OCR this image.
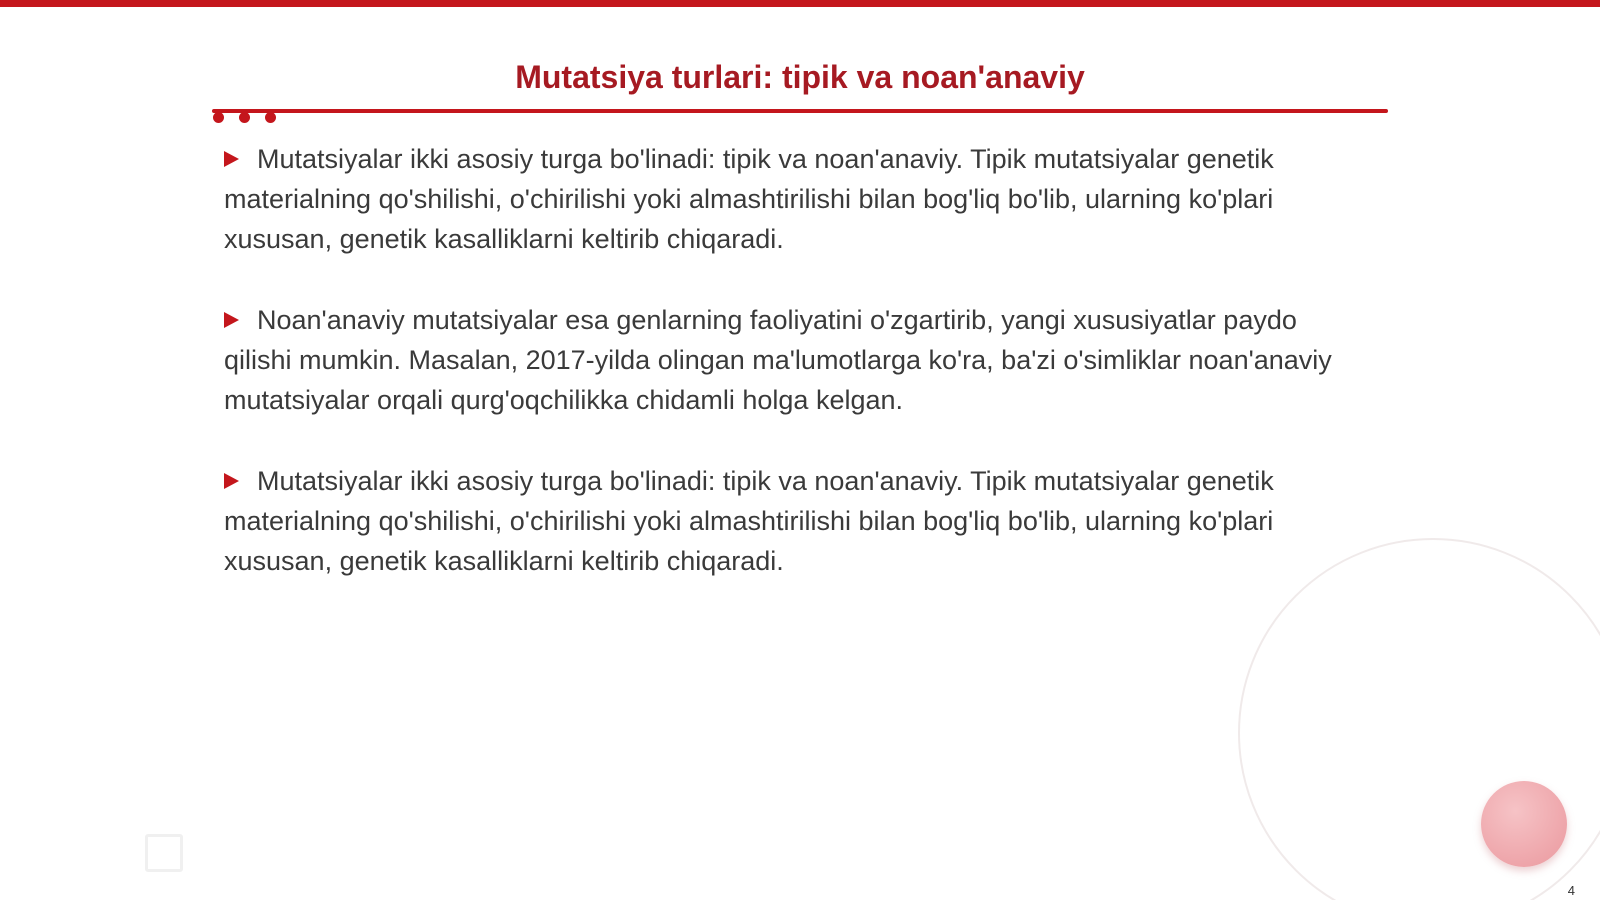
Mutatsiya turlari: tipik va noan'anaviy

Mutatsiyalar ikki asosiy turga bo'linadi: tipik va noan'anaviy. Tipik mutatsiyalar genetik materialning qo'shilishi, o'chirilishi yoki almashtirilishi bilan bog'liq bo'lib, ularning ko'plari xususan, genetik kasalliklarni keltirib chiqaradi.

Noan'anaviy mutatsiyalar esa genlarning faoliyatini o'zgartirib, yangi xususiyatlar paydo qilishi mumkin. Masalan, 2017-yilda olingan ma'lumotlarga ko'ra, ba'zi o'simliklar noan'anaviy mutatsiyalar orqali qurg'oqchilikka chidamli holga kelgan.

Mutatsiyalar ikki asosiy turga bo'linadi: tipik va noan'anaviy. Tipik mutatsiyalar genetik materialning qo'shilishi, o'chirilishi yoki almashtirilishi bilan bog'liq bo'lib, ularning ko'plari xususan, genetik kasalliklarni keltirib chiqaradi.

4
